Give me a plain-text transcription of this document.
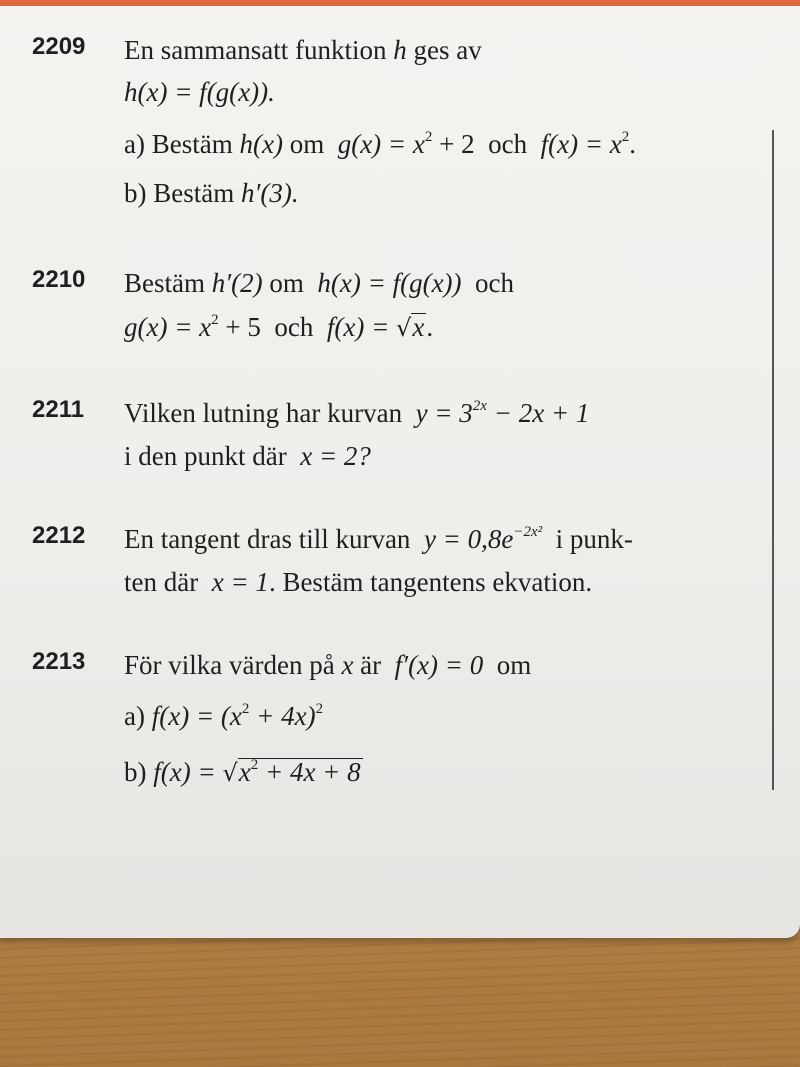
2209 En sammansatt funktion h ges av
h(x) = f(g(x)).
a) Bestäm h(x) om $g(x) = x^2 + 2$ och $f(x) = x^2$.
b) Bestäm h′(3).
2210 Bestäm h′(2) om h(x) = f(g(x)) och
$g(x) = x^2 + 5$ och f(x) = √x.
2211 Vilken lutning har kurvan $y = 3^{2x} - 2x + 1$
i den punkt där x = 2?
2212 En tangent dras till kurvan $y = 0,8e^{-2x^2}$ i punk-
ten där x = 1. Bestäm tangentens ekvation.
2213 För vilka värden på x är f′(x) = 0 om
a) $f(x) = (x^2 + 4x)^2$
b) $f(x) = √x^2 + 4x + 8$
